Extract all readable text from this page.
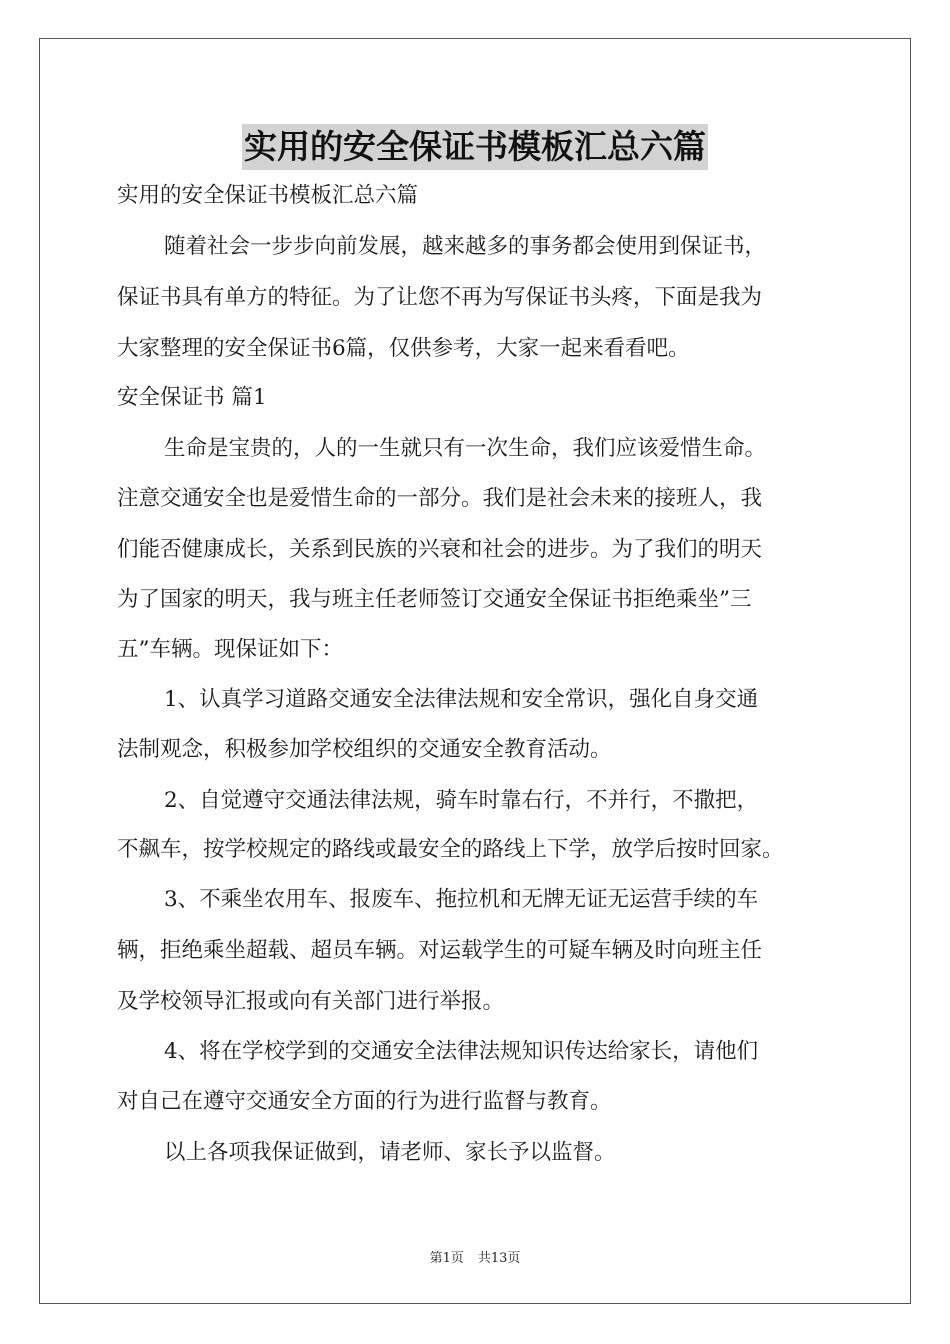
实用的安全保证书模板汇总六篇
实用的安全保证书模板汇总六篇
随着社会一步步向前发展，越来越多的事务都会使用到保证书，
保证书具有单方的特征。为了让您不再为写保证书头疼，下面是我为
大家整理的安全保证书6篇，仅供参考，大家一起来看看吧。
安全保证书 篇1
生命是宝贵的，人的一生就只有一次生命，我们应该爱惜生命。
注意交通安全也是爱惜生命的一部分。我们是社会未来的接班人，我
们能否健康成长，关系到民族的兴衰和社会的进步。为了我们的明天
为了国家的明天，我与班主任老师签订交通安全保证书拒绝乘坐”三
五”车辆。现保证如下：
1、认真学习道路交通安全法律法规和安全常识，强化自身交通
法制观念，积极参加学校组织的交通安全教育活动。
2、自觉遵守交通法律法规，骑车时靠右行，不并行，不撒把，
不飙车，按学校规定的路线或最安全的路线上下学，放学后按时回家。
3、不乘坐农用车、报废车、拖拉机和无牌无证无运营手续的车
辆，拒绝乘坐超载、超员车辆。对运载学生的可疑车辆及时向班主任
及学校领导汇报或向有关部门进行举报。
4、将在学校学到的交通安全法律法规知识传达给家长，请他们
对自己在遵守交通安全方面的行为进行监督与教育。
以上各项我保证做到，请老师、家长予以监督。
第1页 共13页
